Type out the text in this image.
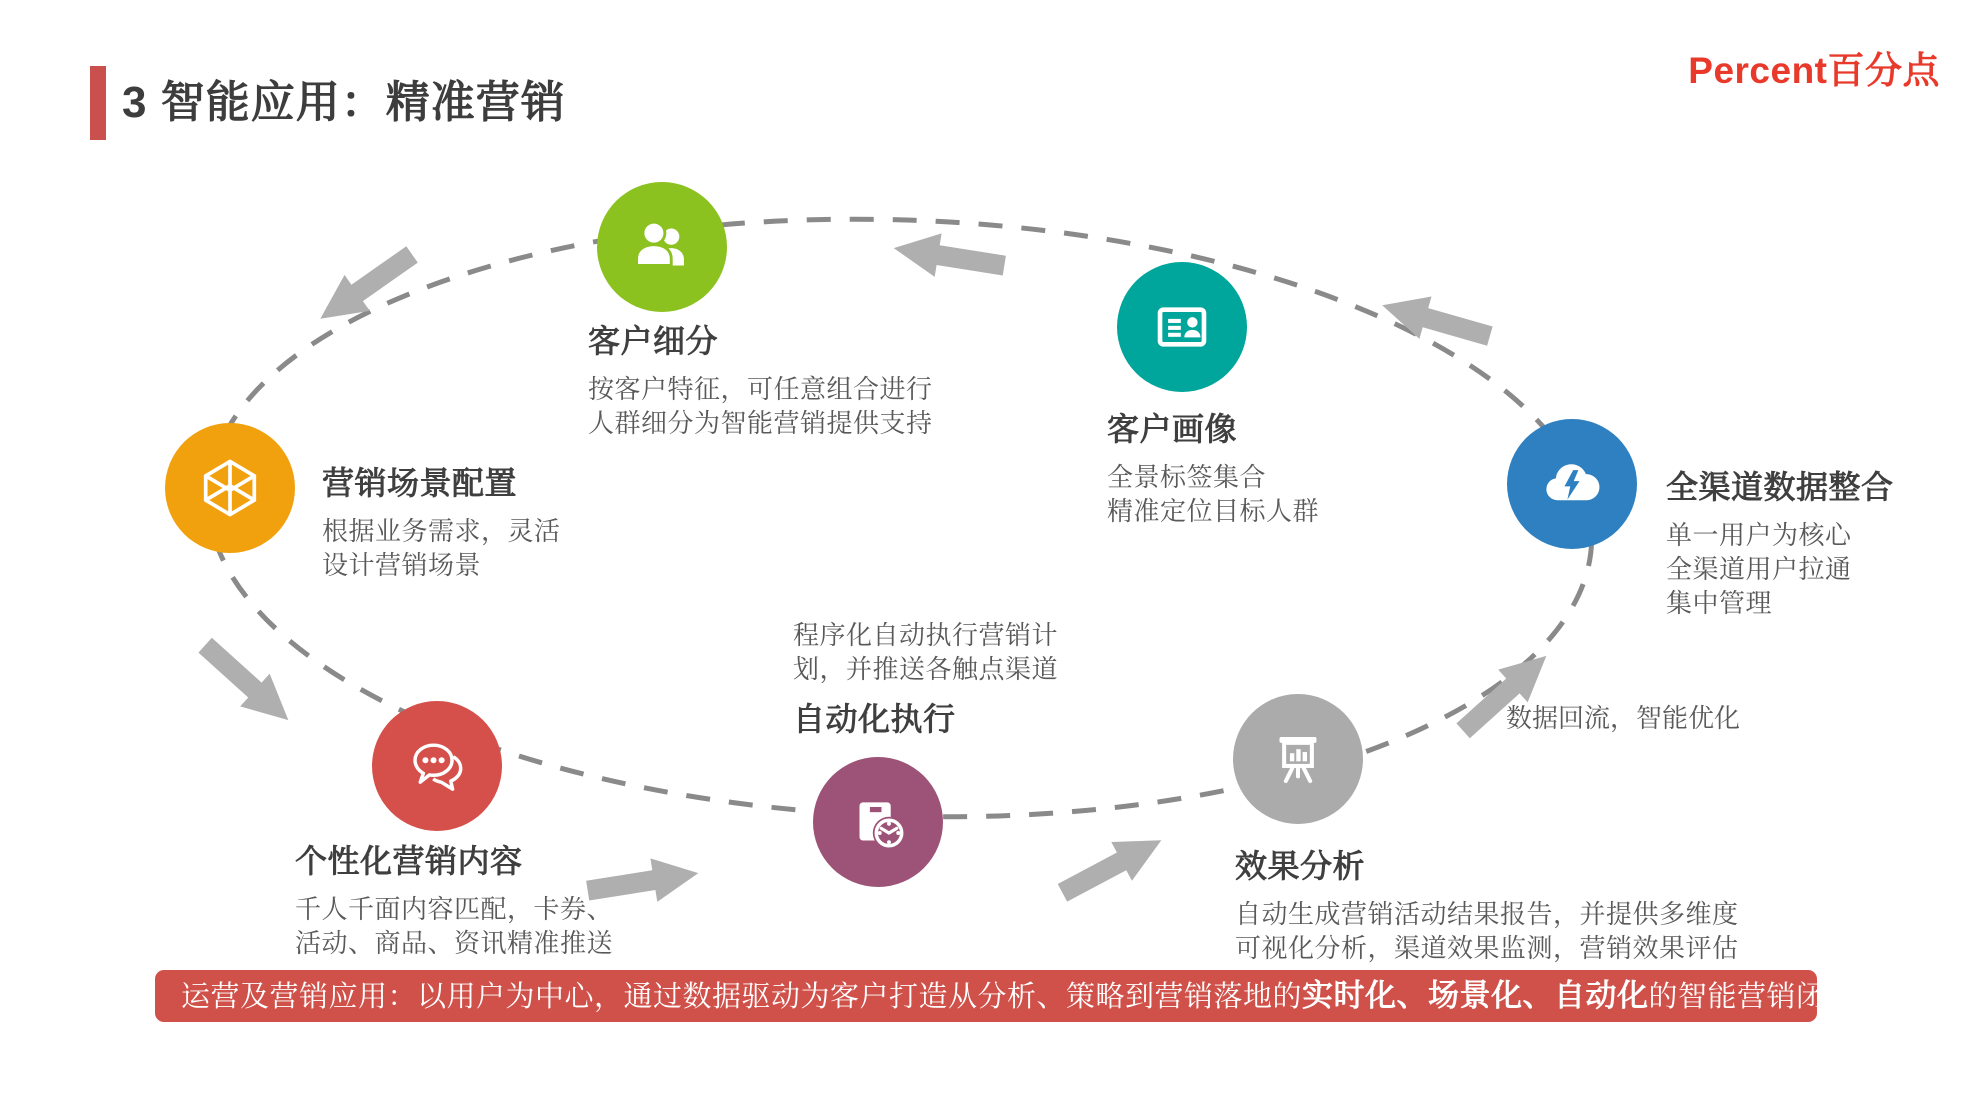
3 智能应用：精准营销
Percent百分点
客户细分
按客户特征，可任意组合进行
人群细分为智能营销提供支持	客户画像
全景标签集合
精准定位目标人群
全渠道数据整合
单一用户为核心
全渠道用户拉通
集中管理
营销场景配置
根据业务需求，灵活
设计营销场景
个性化营销内容
千人千面内容匹配，卡券、
活动、商品、资讯精准推送
程序化自动执行营销计
划，并推送各触点渠道
自动化执行
效果分析
自动生成营销活动结果报告，并提供多维度
可视化分析，渠道效果监测，营销效果评估
数据回流，智能优化
运营及营销应用：以用户为中心，通过数据驱动为客户打造从分析、策略到营销落地的实时化、场景化、自动化的智能营销闭环
